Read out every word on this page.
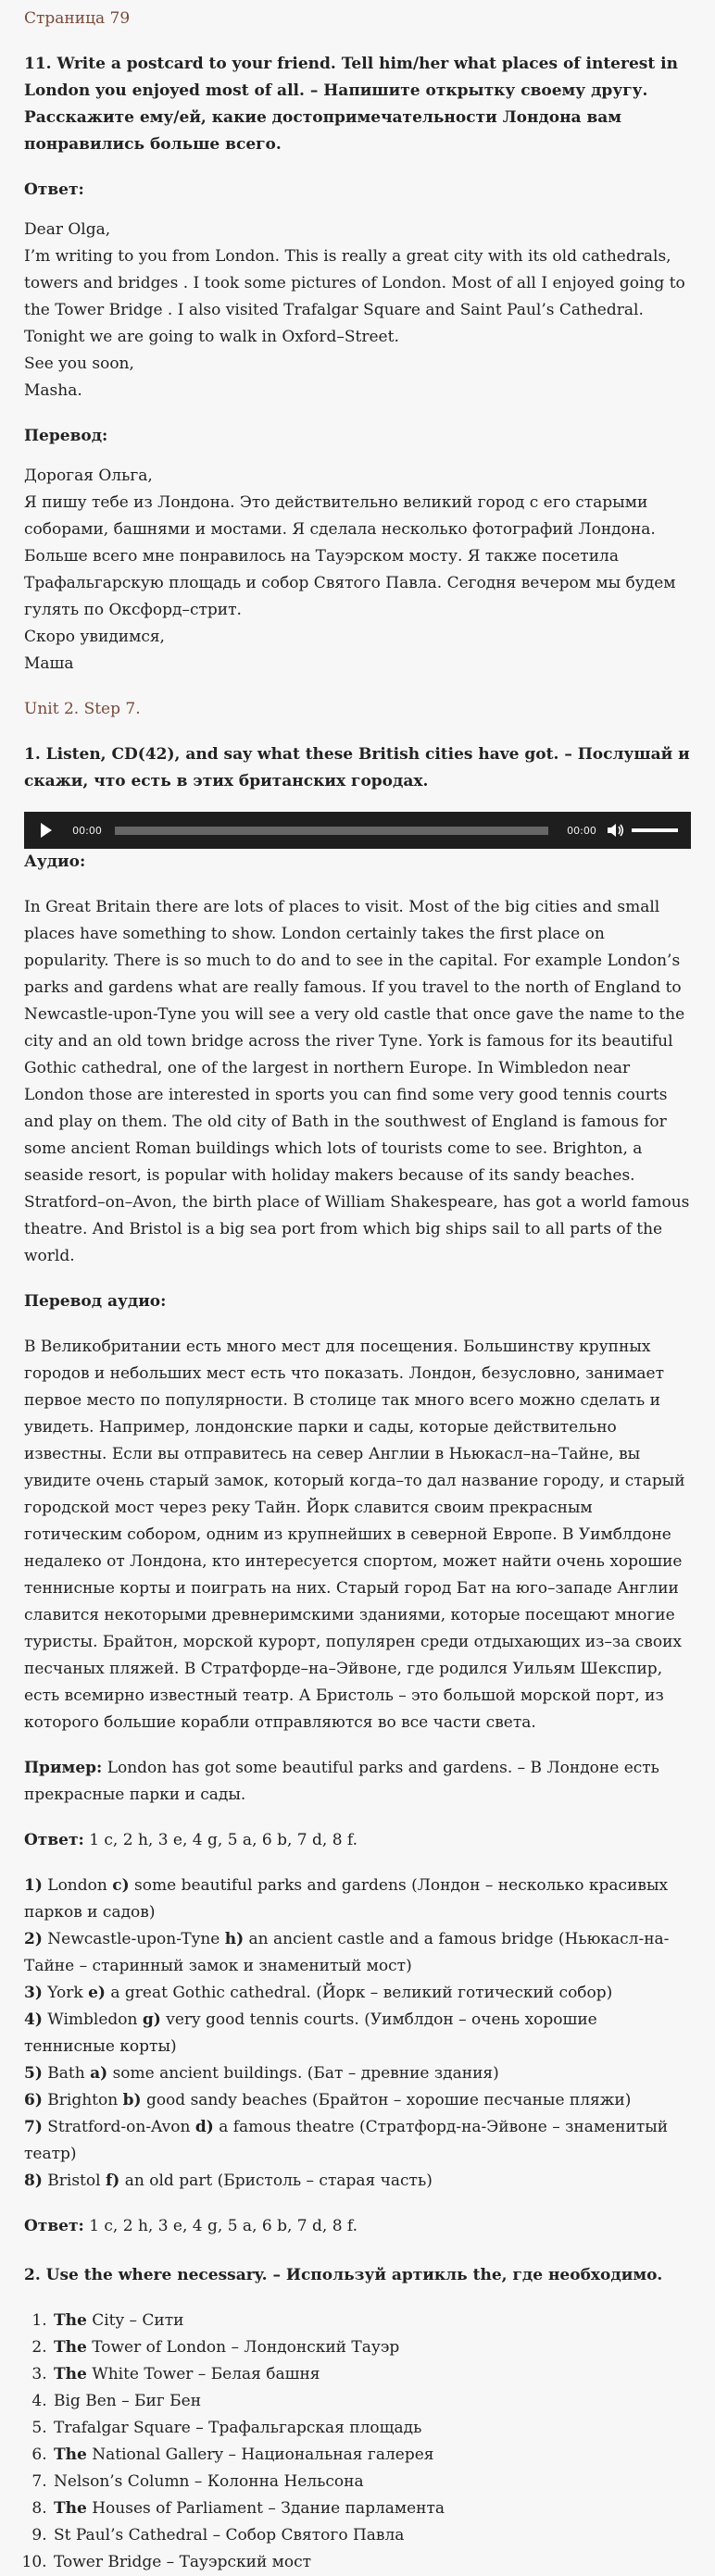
Страница 79

11. Write a postcard to your friend. Tell him/her what places of interest in London you enjoyed most of all. – Напишите открытку своему другу. Расскажите ему/ей, какие достопримечательности Лондона вам понравились больше всего.

Ответ:

Dear Olga,

I’m writing to you from London. This is really a great city with its old cathedrals, towers and bridges . I took some pictures of London. Most of all I enjoyed going to the Tower Bridge . I also visited Trafalgar Square and Saint Paul’s Cathedral. Tonight we are going to walk in Oxford–Street.

See you soon,

Masha.

Перевод:

Дорогая Ольга,

Я пишу тебе из Лондона. Это действительно великий город с его старыми соборами, башнями и мостами. Я сделала несколько фотографий Лондона. Больше всего мне понравилось на Тауэрском мосту. Я также посетила Трафальгарскую площадь и собор Святого Павла. Сегодня вечером мы будем гулять по Оксфорд–стрит.

Скоро увидимся,

Маша

Unit 2. Step 7.

1. Listen, CD(42), and say what these British cities have got. – Послушай и скажи, что есть в этих британских городах.

00:00	00:00

Аудио:

In Great Britain there are lots of places to visit. Most of the big cities and small places have something to show. London certainly takes the first place on popularity. There is so much to do and to see in the capital. For example London’s parks and gardens what are really famous. If you travel to the north of England to Newcastle-upon-Tyne you will see a very old castle that once gave the name to the city and an old town bridge across the river Tyne. York is famous for its beautiful Gothic cathedral, one of the largest in northern Europe. In Wimbledon near London those are interested in sports you can find some very good tennis courts and play on them. The old city of Bath in the southwest of England is famous for some ancient Roman buildings which lots of tourists come to see. Brighton, a seaside resort, is popular with holiday makers because of its sandy beaches. Stratford–on–Avon, the birth place of William Shakespeare, has got a world famous theatre. And Bristol is a big sea port from which big ships sail to all parts of the world.

Перевод аудио:

В Великобритании есть много мест для посещения. Большинству крупных городов и небольших мест есть что показать. Лондон, безусловно, занимает первое место по популярности. В столице так много всего можно сделать и увидеть. Например, лондонские парки и сады, которые действительно известны. Если вы отправитесь на север Англии в Ньюкасл–на–Тайне, вы увидите очень старый замок, который когда–то дал название городу, и старый городской мост через реку Тайн. Йорк славится своим прекрасным готическим собором, одним из крупнейших в северной Европе. В Уимблдоне недалеко от Лондона, кто интересуется спортом, может найти очень хорошие теннисные корты и поиграть на них. Старый город Бат на юго–западе Англии славится некоторыми древнеримскими зданиями, которые посещают многие туристы. Брайтон, морской курорт, популярен среди отдыхающих из–за своих песчаных пляжей. В Стратфорде–на–Эйвоне, где родился Уильям Шекспир, есть всемирно известный театр. А Бристоль – это большой морской порт, из которого большие корабли отправляются во все части света.

Пример: London has got some beautiful parks and gardens. – В Лондоне есть прекрасные парки и сады.

Ответ: 1 c, 2 h, 3 e, 4 g, 5 a, 6 b, 7 d, 8 f.

1) London c) some beautiful parks and gardens (Лондон – несколько красивых парков и садов)

2) Newcastle-upon-Tyne h) an ancient castle and a famous bridge (Ньюкасл-на-Тайне – старинный замок и знаменитый мост)

3) York e) a great Gothic cathedral. (Йорк – великий готический собор)

4) Wimbledon g) very good tennis courts. (Уимблдон – очень хорошие теннисные корты)

5) Bath a) some ancient buildings. (Бат – древние здания)

6) Brighton b) good sandy beaches (Брайтон – хорошие песчаные пляжи)

7) Stratford-on-Avon d) a famous theatre (Стратфорд-на-Эйвоне – знаменитый театр)

8) Bristol f) an old part (Бристоль – старая часть)

Ответ: 1 c, 2 h, 3 e, 4 g, 5 a, 6 b, 7 d, 8 f.

2. Use the where necessary. – Используй артикль the, где необходимо.

1. The City – Сити
2. The Tower of London – Лондонский Тауэр
3. The White Tower – Белая башня
4. Big Ben – Биг Бен
5. Trafalgar Square – Трафальгарская площадь
6. The National Gallery – Национальная галерея
7. Nelson’s Column – Колонна Нельсона
8. The Houses of Parliament – Здание парламента
9. St Paul’s Cathedral – Собор Святого Павла
10. Tower Bridge – Тауэрский мост
